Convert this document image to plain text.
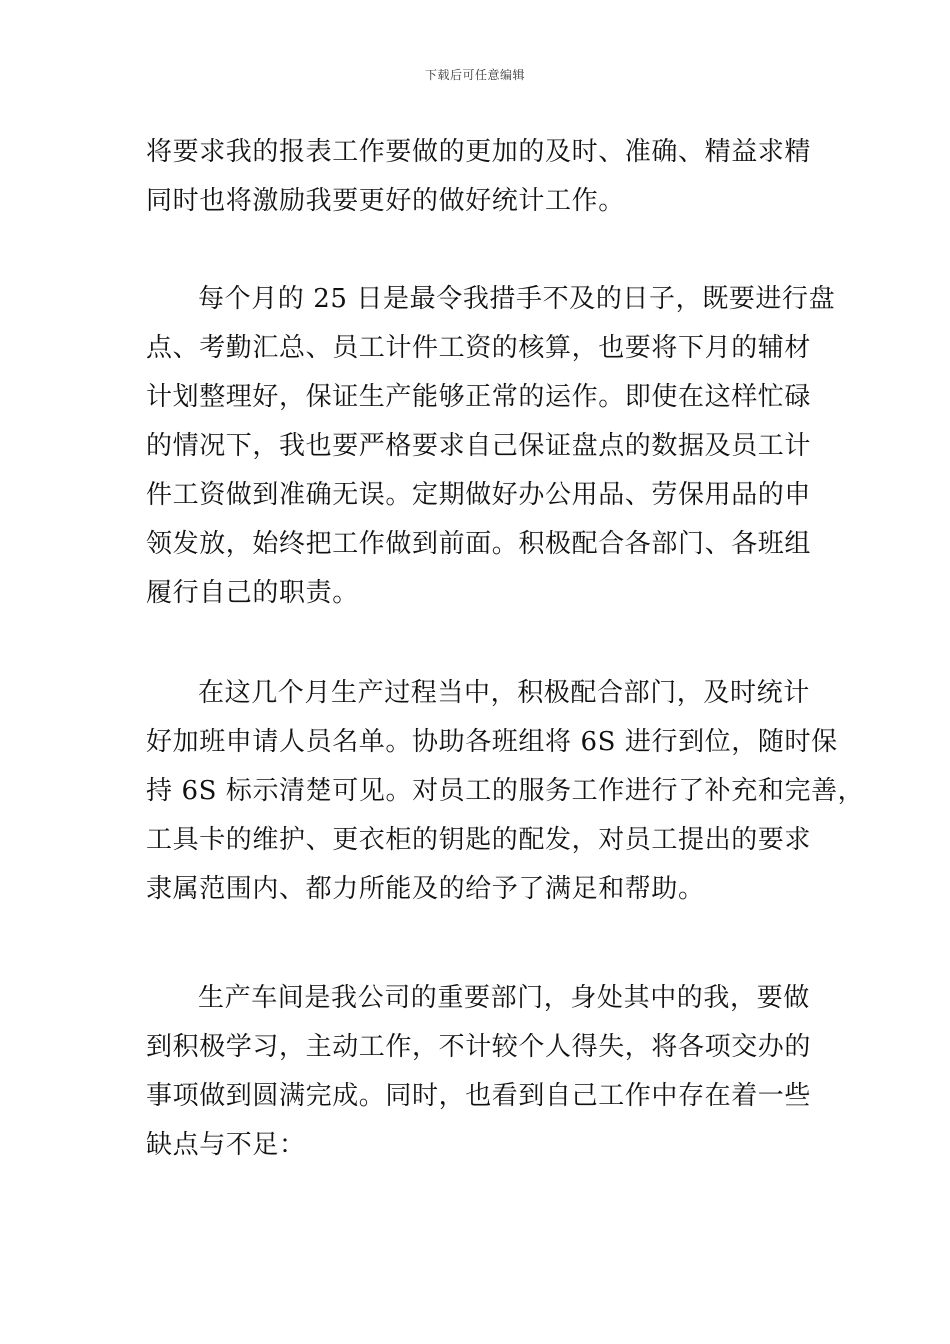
下载后可任意编辑
将要求我的报表工作要做的更加的及时、准确、精益求精
同时也将激励我要更好的做好统计工作。
每个月的 25 日是最令我措手不及的日子，既要进行盘
点、考勤汇总、员工计件工资的核算，也要将下月的辅材
计划整理好，保证生产能够正常的运作。即使在这样忙碌
的情况下，我也要严格要求自己保证盘点的数据及员工计
件工资做到准确无误。定期做好办公用品、劳保用品的申
领发放，始终把工作做到前面。积极配合各部门、各班组
履行自己的职责。
在这几个月生产过程当中，积极配合部门，及时统计
好加班申请人员名单。协助各班组将 6S 进行到位，随时保
持 6S 标示清楚可见。对员工的服务工作进行了补充和完善，
工具卡的维护、更衣柜的钥匙的配发，对员工提出的要求
隶属范围内、都力所能及的给予了满足和帮助。
生产车间是我公司的重要部门，身处其中的我，要做
到积极学习，主动工作，不计较个人得失，将各项交办的
事项做到圆满完成。同时，也看到自己工作中存在着一些
缺点与不足：
